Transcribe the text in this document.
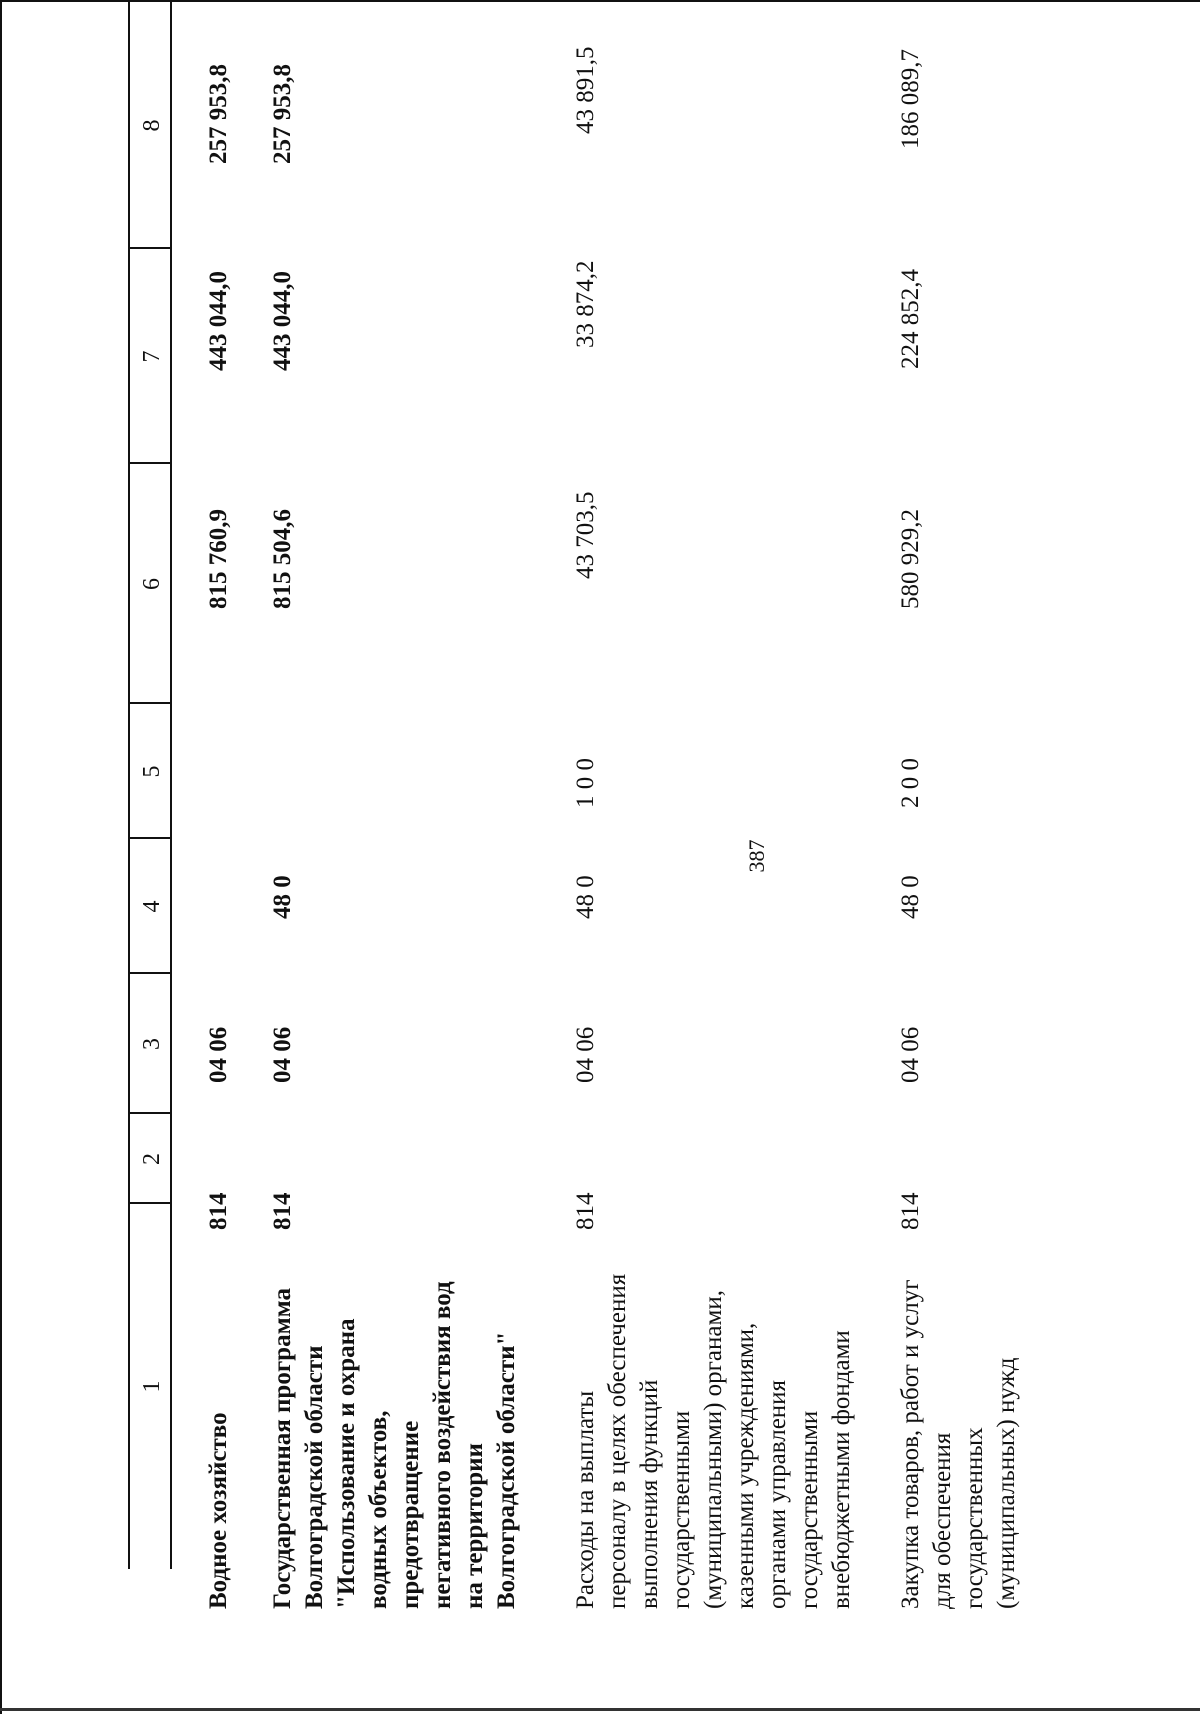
387
1
2
3
4
5
6
7
8
Водное хозяйство
814
04 06
815 760,9
443 044,0
257 953,8
Государственная программа Волгоградской области "Использование и охрана водных объектов, предотвращение негативного воздействия вод на территории Волгоградской области"
814
04 06
48 0
815 504,6
443 044,0
257 953,8
Расходы на выплаты персоналу в целях обеспечения выполнения функций государственными (муниципальными) органами, казенными учреждениями, органами управления государственными внебюджетными фондами
814
04 06
48 0
1 0 0
43 703,5
33 874,2
43 891,5
Закупка товаров, работ и услуг для обеспечения государственных (муниципальных) нужд
814
04 06
48 0
2 0 0
580 929,2
224 852,4
186 089,7
